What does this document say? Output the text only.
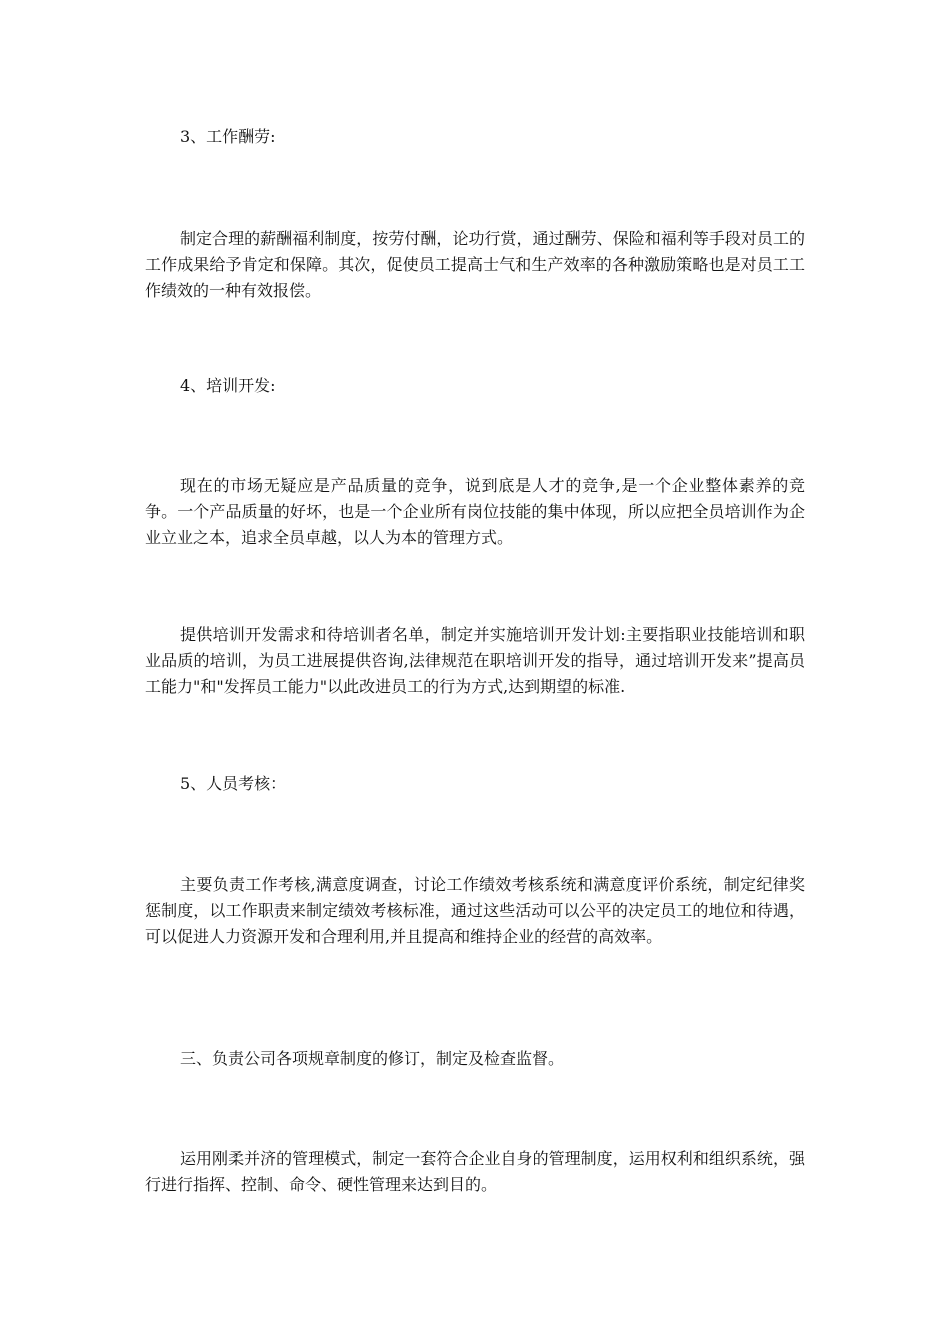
3、工作酬劳:

制定合理的薪酬福利制度，按劳付酬，论功行赏，通过酬劳、保险和福利等手段对员工的工作成果给予肯定和保障。其次，促使员工提高士气和生产效率的各种激励策略也是对员工工作绩效的一种有效报偿。

4、培训开发:

现在的市场无疑应是产品质量的竞争，说到底是人才的竞争,是一个企业整体素养的竞争。一个产品质量的好坏，也是一个企业所有岗位技能的集中体现，所以应把全员培训作为企业立业之本，追求全员卓越，以人为本的管理方式。

提供培训开发需求和待培训者名单，制定并实施培训开发计划:主要指职业技能培训和职业品质的培训，为员工进展提供咨询,法律规范在职培训开发的指导，通过培训开发来”提高员工能力"和"发挥员工能力"以此改进员工的行为方式,达到期望的标准.

5、人员考核：

主要负责工作考核,满意度调查，讨论工作绩效考核系统和满意度评价系统，制定纪律奖惩制度，以工作职责来制定绩效考核标准，通过这些活动可以公平的决定员工的地位和待遇，可以促进人力资源开发和合理利用,并且提高和维持企业的经营的高效率。

三、负责公司各项规章制度的修订，制定及检查监督。

运用刚柔并济的管理模式，制定一套符合企业自身的管理制度，运用权利和组织系统，强行进行指挥、控制、命令、硬性管理来达到目的。
